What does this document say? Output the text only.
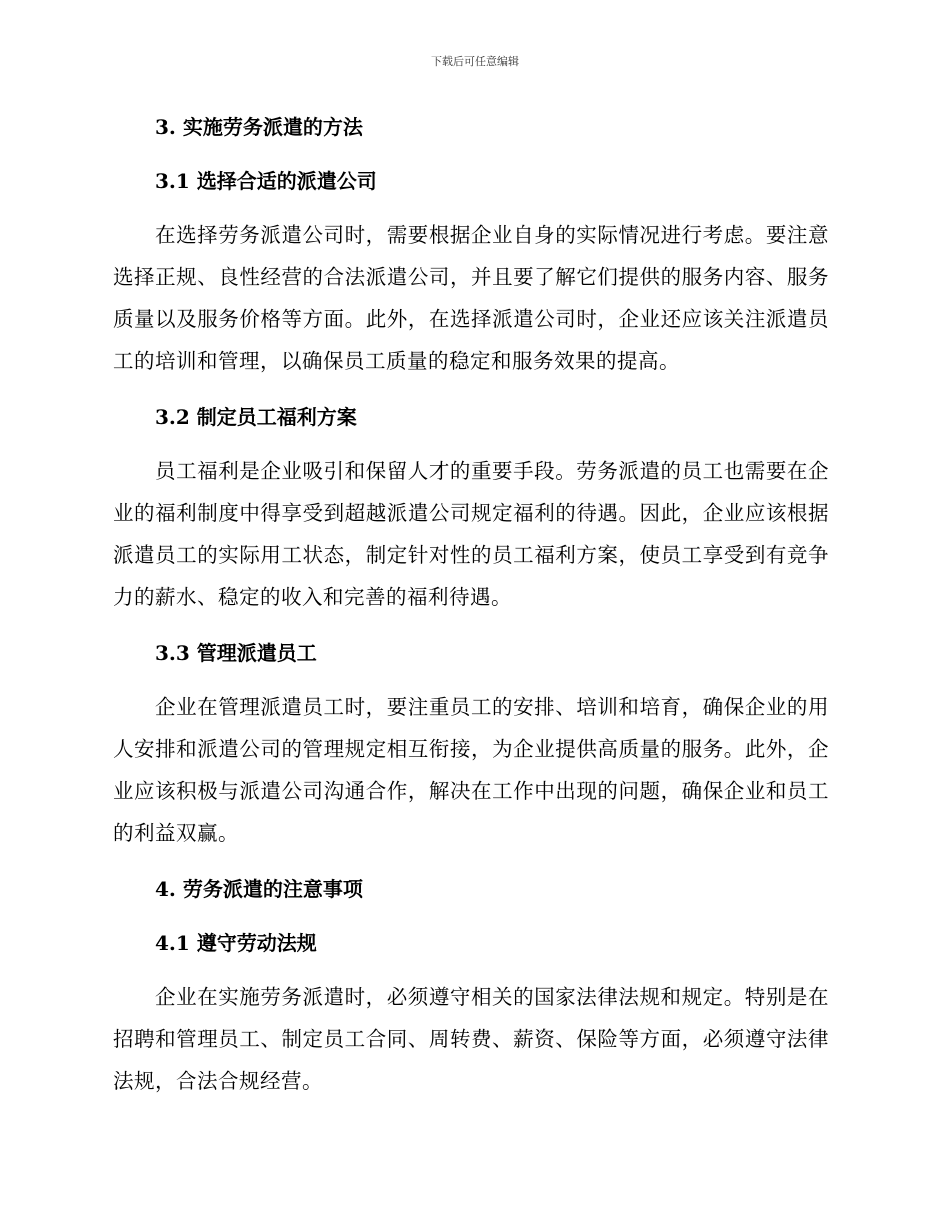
下载后可任意编辑
3. 实施劳务派遣的方法
3.1 选择合适的派遣公司
在选择劳务派遣公司时，需要根据企业自身的实际情况进行考虑。要注意选择正规、良性经营的合法派遣公司，并且要了解它们提供的服务内容、服务质量以及服务价格等方面。此外，在选择派遣公司时，企业还应该关注派遣员工的培训和管理，以确保员工质量的稳定和服务效果的提高。
3.2 制定员工福利方案
员工福利是企业吸引和保留人才的重要手段。劳务派遣的员工也需要在企业的福利制度中得享受到超越派遣公司规定福利的待遇。因此，企业应该根据派遣员工的实际用工状态，制定针对性的员工福利方案，使员工享受到有竞争力的薪水、稳定的收入和完善的福利待遇。
3.3 管理派遣员工
企业在管理派遣员工时，要注重员工的安排、培训和培育，确保企业的用人安排和派遣公司的管理规定相互衔接，为企业提供高质量的服务。此外，企业应该积极与派遣公司沟通合作，解决在工作中出现的问题，确保企业和员工的利益双赢。
4. 劳务派遣的注意事项
4.1 遵守劳动法规
企业在实施劳务派遣时，必须遵守相关的国家法律法规和规定。特别是在招聘和管理员工、制定员工合同、周转费、薪资、保险等方面，必须遵守法律法规，合法合规经营。
